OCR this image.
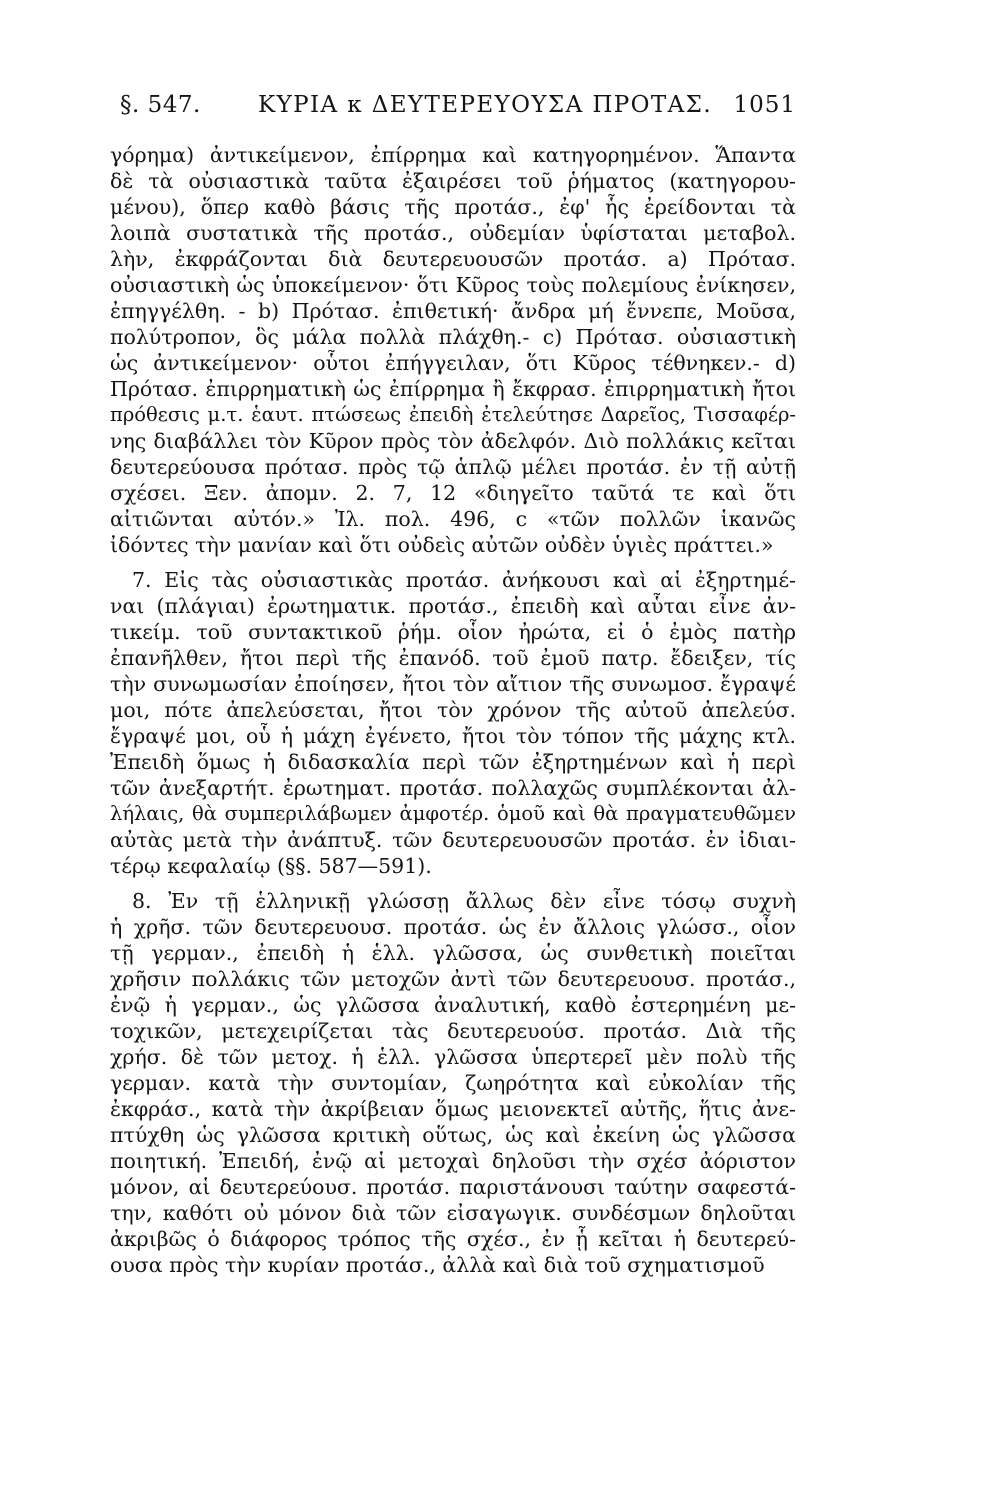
§. 547. ΚΥΡΙΑ κ ΔΕΥΤΕΡΕΥΟΥΣΑ ΠΡΟΤΑΣ. 1051
γόρημα) ἀντικείμενον, ἐπίρρημα καὶ κατηγορημένον. Ἅπαντα
δὲ τὰ οὐσιαστικὰ ταῦτα ἐξαιρέσει τοῦ ῥήματος (κατηγορου-
μένου), ὅπερ καθὸ βάσις τῆς προτάσ., ἐφ' ἧς ἐρείδονται τὰ
λοιπὰ συστατικὰ τῆς προτάσ., οὐδεμίαν ὑφίσταται μεταβολ.
λὴν, ἐκφράζονται διὰ δευτερευουσῶν προτάσ. a) Πρότασ.
οὐσιαστικὴ ὡς ὑποκείμενον· ὅτι Κῦρος τοὺς πολεμίους ἐνίκησεν,
ἐπηγγέλθη. - b) Πρότασ. ἐπιθετική· ἄνδρα μή ἔννεπε, Μοῦσα,
πολύτροπον, ὃς μάλα πολλὰ πλάχθη.- c) Πρότασ. οὐσιαστικὴ
ὡς ἀντικείμενον· οὗτοι ἐπήγγειλαν, ὅτι Κῦρος τέθνηκεν.- d)
Πρότασ. ἐπιρρηματικὴ ὡς ἐπίρρημα ἢ ἔκφρασ. ἐπιρρηματικὴ ἤτοι
πρόθεσις μ.τ. ἑαυτ. πτώσεως ἐπειδὴ ἐτελεύτησε Δαρεῖος, Τισσαφέρ-
νης διαβάλλει τὸν Κῦρον πρὸς τὸν ἀδελφόν. Διὸ πολλάκις κεῖται
δευτερεύουσα πρότασ. πρὸς τῷ ἁπλῷ μέλει προτάσ. ἐν τῇ αὐτῇ
σχέσει. Ξεν. ἀπομν. 2. 7, 12 «διηγεῖτο ταῦτά τε καὶ ὅτι
αἰτιῶνται αὐτόν.» Ἰλ. πολ. 496, c «τῶν πολλῶν ἱκανῶς
ἰδόντες τὴν μανίαν καὶ ὅτι οὐδεὶς αὐτῶν οὐδὲν ὑγιὲς πράττει.»
7. Εἰς τὰς οὐσιαστικὰς προτάσ. ἀνήκουσι καὶ αἱ ἐξηρτημέ-
ναι (πλάγιαι) ἐρωτηματικ. προτάσ., ἐπειδὴ καὶ αὗται εἶνε ἀν-
τικείμ. τοῦ συντακτικοῦ ῥήμ. οἷον ἠρώτα, εἰ ὁ ἐμὸς πατὴρ
ἐπανῆλθεν, ἤτοι περὶ τῆς ἐπανόδ. τοῦ ἐμοῦ πατρ. ἔδειξεν, τίς
τὴν συνωμωσίαν ἐποίησεν, ἤτοι τὸν αἴτιον τῆς συνωμοσ. ἔγραψέ
μοι, πότε ἀπελεύσεται, ἤτοι τὸν χρόνον τῆς αὐτοῦ ἀπελεύσ.
ἔγραψέ μοι, οὗ ἡ μάχη ἐγένετο, ἤτοι τὸν τόπον τῆς μάχης κτλ.
Ἐπειδὴ ὅμως ἡ διδασκαλία περὶ τῶν ἐξηρτημένων καὶ ἡ περὶ
τῶν ἀνεξαρτήτ. ἐρωτηματ. προτάσ. πολλαχῶς συμπλέκονται ἀλ-
λήλαις, θὰ συμπεριλάβωμεν ἀμφοτέρ. ὁμοῦ καὶ θὰ πραγματευθῶμεν
αὐτὰς μετὰ τὴν ἀνάπτυξ. τῶν δευτερευουσῶν προτάσ. ἐν ἰδιαι-
τέρῳ κεφαλαίῳ (§§. 587—591).
8. Ἐν τῇ ἑλληνικῇ γλώσσῃ ἄλλως δὲν εἶνε τόσῳ συχνὴ
ἡ χρῆσ. τῶν δευτερευουσ. προτάσ. ὡς ἐν ἄλλοις γλώσσ., οἷον
τῇ γερμαν., ἐπειδὴ ἡ ἑλλ. γλῶσσα, ὡς συνθετικὴ ποιεῖται
χρῆσιν πολλάκις τῶν μετοχῶν ἀντὶ τῶν δευτερευουσ. προτάσ.,
ἐνῷ ἡ γερμαν., ὡς γλῶσσα ἀναλυτική, καθὸ ἐστερημένη με-
τοχικῶν, μετεχειρίζεται τὰς δευτερευούσ. προτάσ. Διὰ τῆς
χρήσ. δὲ τῶν μετοχ. ἡ ἑλλ. γλῶσσα ὑπερτερεῖ μὲν πολὺ τῆς
γερμαν. κατὰ τὴν συντομίαν, ζωηρότητα καὶ εὐκολίαν τῆς
ἐκφράσ., κατὰ τὴν ἀκρίβειαν ὅμως μειονεκτεῖ αὐτῆς, ἥτις ἀνε-
πτύχθη ὡς γλῶσσα κριτικὴ οὕτως, ὡς καὶ ἐκείνη ὡς γλῶσσα
ποιητική. Ἐπειδή, ἐνῷ αἱ μετοχαὶ δηλοῦσι τὴν σχέσ ἀόριστον
μόνον, αἱ δευτερεύουσ. προτάσ. παριστάνουσι ταύτην σαφεστά-
την, καθότι οὐ μόνον διὰ τῶν εἰσαγωγικ. συνδέσμων δηλοῦται
ἀκριβῶς ὁ διάφορος τρόπος τῆς σχέσ., ἐν ᾗ κεῖται ἡ δευτερεύ-
ουσα πρὸς τὴν κυρίαν προτάσ., ἀλλὰ καὶ διὰ τοῦ σχηματισμοῦ
